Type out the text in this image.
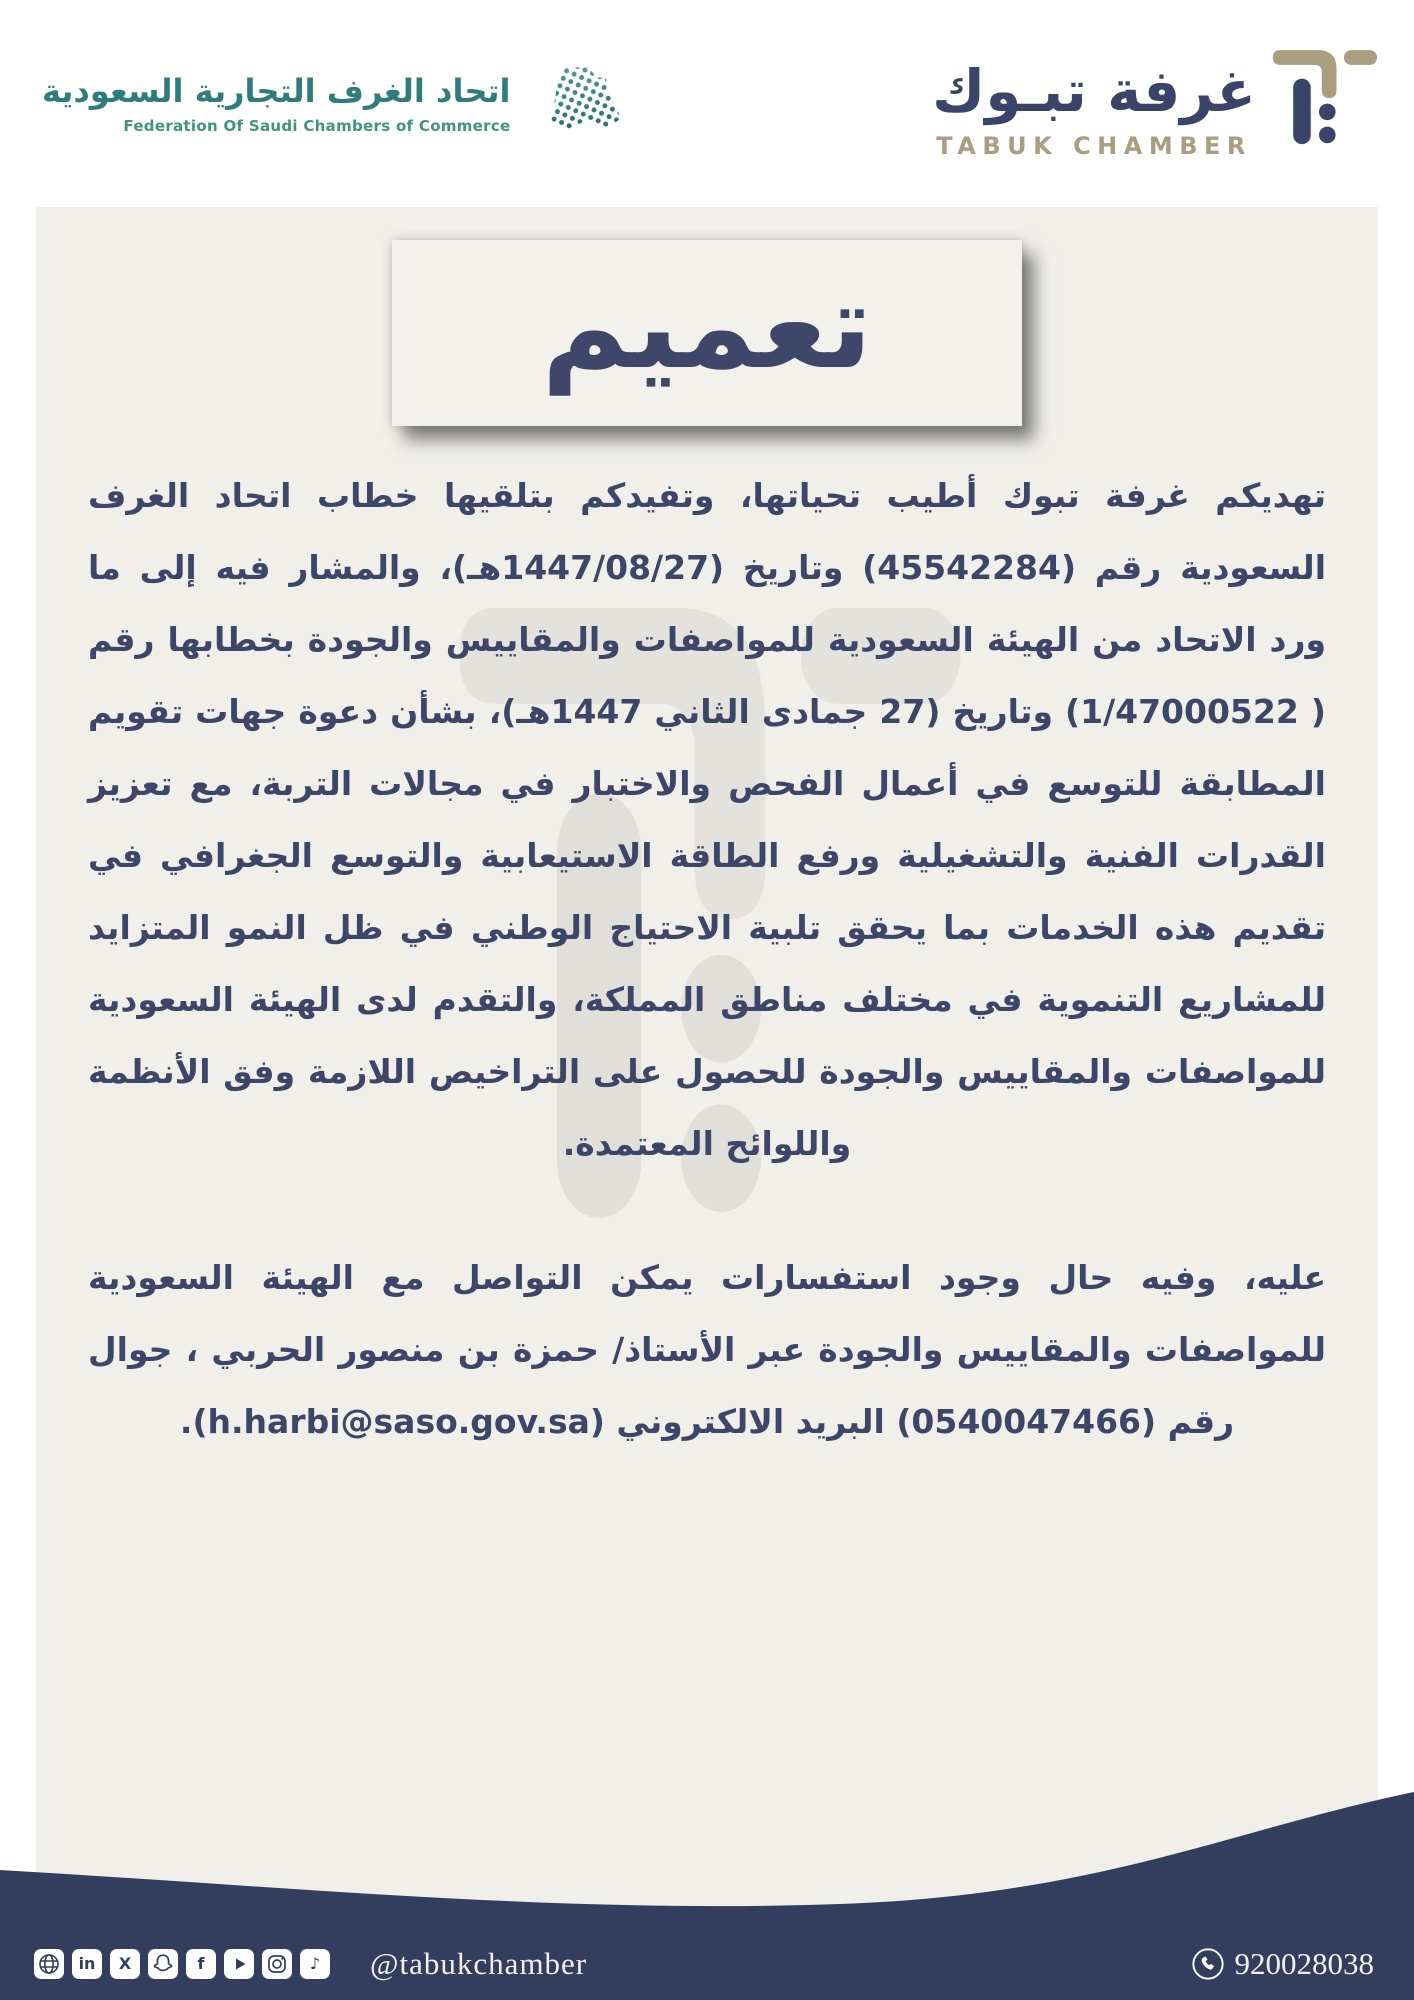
اتحاد الغرف التجارية السعودية
Federation Of Saudi Chambers of Commerce
غرفة تبـوك
TABUK CHAMBER
تعميم

تهديكم غرفة تبوك أطيب تحياتها، وتفيدكم بتلقيها خطاب اتحاد الغرف السعودية رقم (45542284) وتاريخ (1447/08/27هـ)، والمشار فيه إلى ما ورد الاتحاد من الهيئة السعودية للمواصفات والمقاييس والجودة بخطابها رقم ( 1/47000522) وتاريخ (27 جمادى الثاني 1447هـ)، بشأن دعوة جهات تقويم المطابقة للتوسع في أعمال الفحص والاختبار في مجالات التربة، مع تعزيز القدرات الفنية والتشغيلية ورفع الطاقة الاستيعابية والتوسع الجغرافي في تقديم هذه الخدمات بما يحقق تلبية الاحتياج الوطني في ظل النمو المتزايد للمشاريع التنموية في مختلف مناطق المملكة، والتقدم لدى الهيئة السعودية للمواصفات والمقاييس والجودة للحصول على التراخيص اللازمة وفق الأنظمة واللوائح المعتمدة.

عليه، وفيه حال وجود استفسارات يمكن التواصل مع الهيئة السعودية للمواصفات والمقاييس والجودة عبر الأستاذ/ حمزة بن منصور الحربي ، جوال رقم (0540047466) البريد الالكتروني (h.harbi@saso.gov.sa).

in X	f	♪ @tabukchamber	920028038
